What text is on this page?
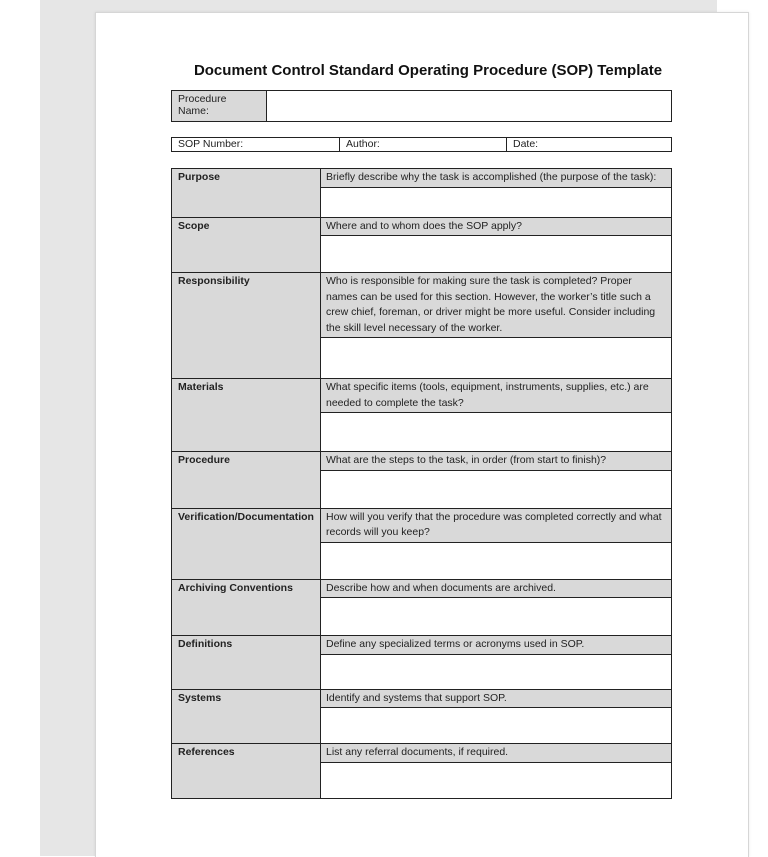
Document Control Standard Operating Procedure (SOP) Template
Procedure Name:	
SOP Number:	Author:	Date:
Purpose	Briefly describe why the task is accomplished (the purpose of the task):

Scope	Where and to whom does the SOP apply?

Responsibility	Who is responsible for making sure the task is completed? Proper names can be used for this section. However, the worker’s title such a crew chief, foreman, or driver might be more useful. Consider including the skill level necessary of the worker.

Materials	What specific items (tools, equipment, instruments, supplies, etc.) are needed to complete the task?

Procedure	What are the steps to the task, in order (from start to finish)?

Verification/Documentation	How will you verify that the procedure was completed correctly and what records will you keep?

Archiving Conventions	Describe how and when documents are archived.

Definitions	Define any specialized terms or acronyms used in SOP.

Systems	Identify and systems that support SOP.

References	List any referral documents, if required.
